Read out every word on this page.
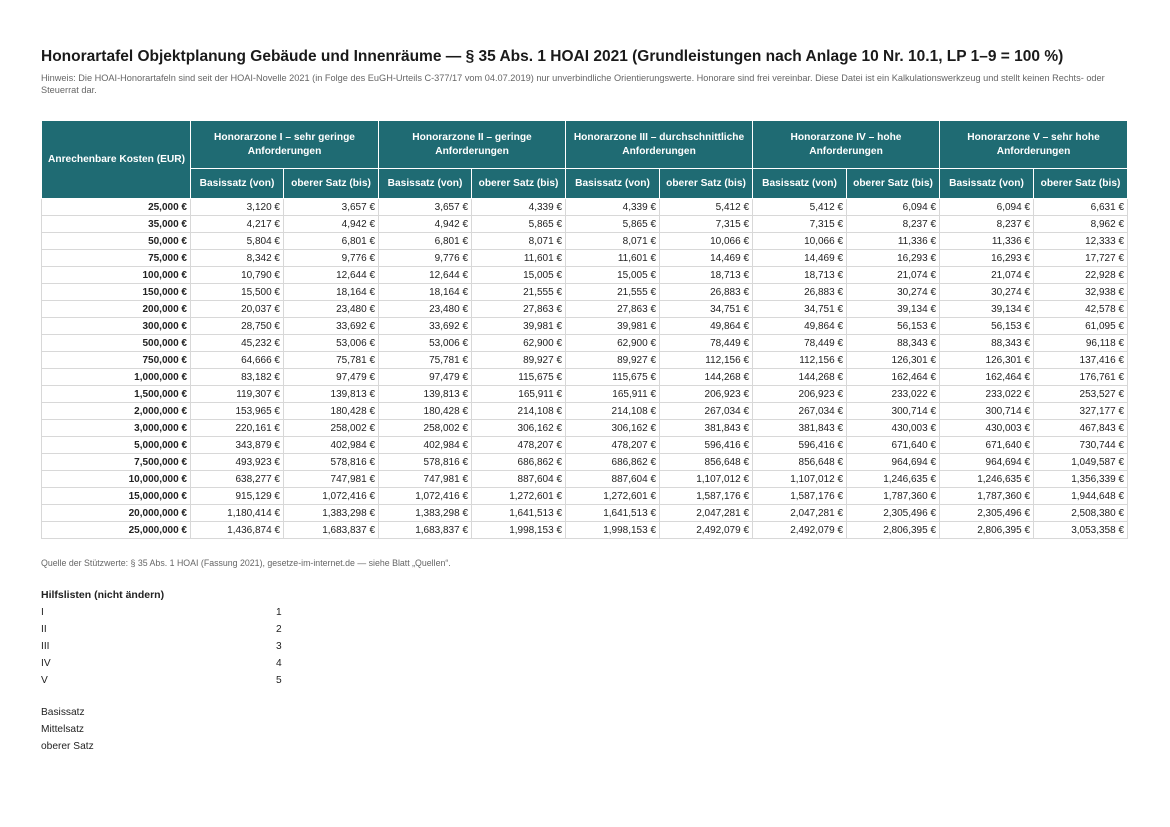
Honorartafel Objektplanung Gebäude und Innenräume — § 35 Abs. 1 HOAI 2021 (Grundleistungen nach Anlage 10 Nr. 10.1, LP 1–9 = 100 %)
Hinweis: Die HOAI-Honorartafeln sind seit der HOAI-Novelle 2021 (in Folge des EuGH-Urteils C-377/17 vom 04.07.2019) nur unverbindliche Orientierungswerte. Honorare sind frei vereinbar. Diese Datei ist ein Kalkulationswerkzeug und stellt keinen Rechts- oder Steuerrat dar.
Anrechenbare Kosten (EUR)	Honorarzone I – sehr geringe Anforderungen		Honorarzone II – geringe Anforderungen		Honorarzone III – durchschnittliche Anforderungen		Honorarzone IV – hohe Anforderungen		Honorarzone V – sehr hohe Anforderungen	
	Basissatz (von)	oberer Satz (bis)	Basissatz (von)	oberer Satz (bis)	Basissatz (von)	oberer Satz (bis)	Basissatz (von)	oberer Satz (bis)	Basissatz (von)	oberer Satz (bis)
25,000 €	3,120 €	3,657 €	3,657 €	4,339 €	4,339 €	5,412 €	5,412 €	6,094 €	6,094 €	6,631 €
35,000 €	4,217 €	4,942 €	4,942 €	5,865 €	5,865 €	7,315 €	7,315 €	8,237 €	8,237 €	8,962 €
50,000 €	5,804 €	6,801 €	6,801 €	8,071 €	8,071 €	10,066 €	10,066 €	11,336 €	11,336 €	12,333 €
75,000 €	8,342 €	9,776 €	9,776 €	11,601 €	11,601 €	14,469 €	14,469 €	16,293 €	16,293 €	17,727 €
100,000 €	10,790 €	12,644 €	12,644 €	15,005 €	15,005 €	18,713 €	18,713 €	21,074 €	21,074 €	22,928 €
150,000 €	15,500 €	18,164 €	18,164 €	21,555 €	21,555 €	26,883 €	26,883 €	30,274 €	30,274 €	32,938 €
200,000 €	20,037 €	23,480 €	23,480 €	27,863 €	27,863 €	34,751 €	34,751 €	39,134 €	39,134 €	42,578 €
300,000 €	28,750 €	33,692 €	33,692 €	39,981 €	39,981 €	49,864 €	49,864 €	56,153 €	56,153 €	61,095 €
500,000 €	45,232 €	53,006 €	53,006 €	62,900 €	62,900 €	78,449 €	78,449 €	88,343 €	88,343 €	96,118 €
750,000 €	64,666 €	75,781 €	75,781 €	89,927 €	89,927 €	112,156 €	112,156 €	126,301 €	126,301 €	137,416 €
1,000,000 €	83,182 €	97,479 €	97,479 €	115,675 €	115,675 €	144,268 €	144,268 €	162,464 €	162,464 €	176,761 €
1,500,000 €	119,307 €	139,813 €	139,813 €	165,911 €	165,911 €	206,923 €	206,923 €	233,022 €	233,022 €	253,527 €
2,000,000 €	153,965 €	180,428 €	180,428 €	214,108 €	214,108 €	267,034 €	267,034 €	300,714 €	300,714 €	327,177 €
3,000,000 €	220,161 €	258,002 €	258,002 €	306,162 €	306,162 €	381,843 €	381,843 €	430,003 €	430,003 €	467,843 €
5,000,000 €	343,879 €	402,984 €	402,984 €	478,207 €	478,207 €	596,416 €	596,416 €	671,640 €	671,640 €	730,744 €
7,500,000 €	493,923 €	578,816 €	578,816 €	686,862 €	686,862 €	856,648 €	856,648 €	964,694 €	964,694 €	1,049,587 €
10,000,000 €	638,277 €	747,981 €	747,981 €	887,604 €	887,604 €	1,107,012 €	1,107,012 €	1,246,635 €	1,246,635 €	1,356,339 €
15,000,000 €	915,129 €	1,072,416 €	1,072,416 €	1,272,601 €	1,272,601 €	1,587,176 €	1,587,176 €	1,787,360 €	1,787,360 €	1,944,648 €
20,000,000 €	1,180,414 €	1,383,298 €	1,383,298 €	1,641,513 €	1,641,513 €	2,047,281 €	2,047,281 €	2,305,496 €	2,305,496 €	2,508,380 €
25,000,000 €	1,436,874 €	1,683,837 €	1,683,837 €	1,998,153 €	1,998,153 €	2,492,079 €	2,492,079 €	2,806,395 €	2,806,395 €	3,053,358 €
Quelle der Stützwerte: § 35 Abs. 1 HOAI (Fassung 2021), gesetze-im-internet.de — siehe Blatt „Quellen“.
Hilfslisten (nicht ändern)
I	1
II	2
III	3
IV	4
V	5
Basissatz
Mittelsatz
oberer Satz
